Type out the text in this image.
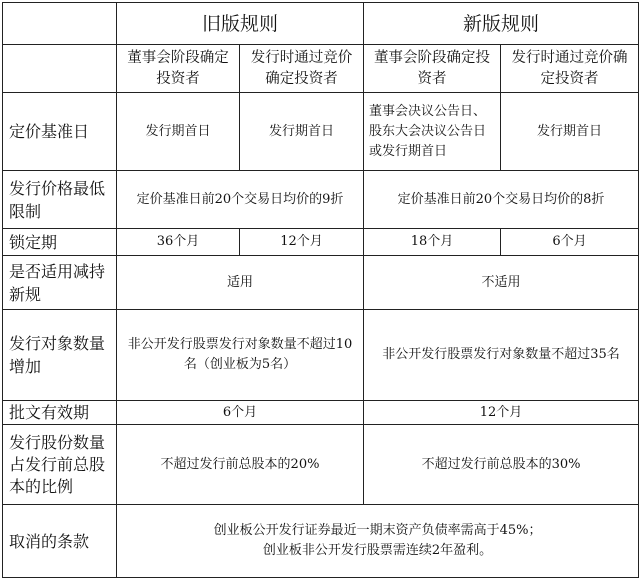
	旧版规则		新版规则	
	董事会阶段确定投资者	发行时通过竞价确定投资者	董事会阶段确定投资者	发行时通过竞价确定投资者
定价基准日	发行期首日	发行期首日	董事会决议公告日、股东大会决议公告日或发行期首日	发行期首日
发行价格最低限制	定价基准日前20个交易日均价的9折		定价基准日前20个交易日均价的8折	
锁定期	36个月	12个月	18个月	6个月
是否适用减持新规	适用		不适用	
发行对象数量增加	非公开发行股票发行对象数量不超过10名（创业板为5名）		非公开发行股票发行对象数量不超过35名	
批文有效期	6个月		12个月	
发行股份数量占发行前总股本的比例	不超过发行前总股本的20%		不超过发行前总股本的30%	
取消的条款	创业板公开发行证券最近一期末资产负债率需高于45%；
创业板非公开发行股票需连续2年盈利。			
